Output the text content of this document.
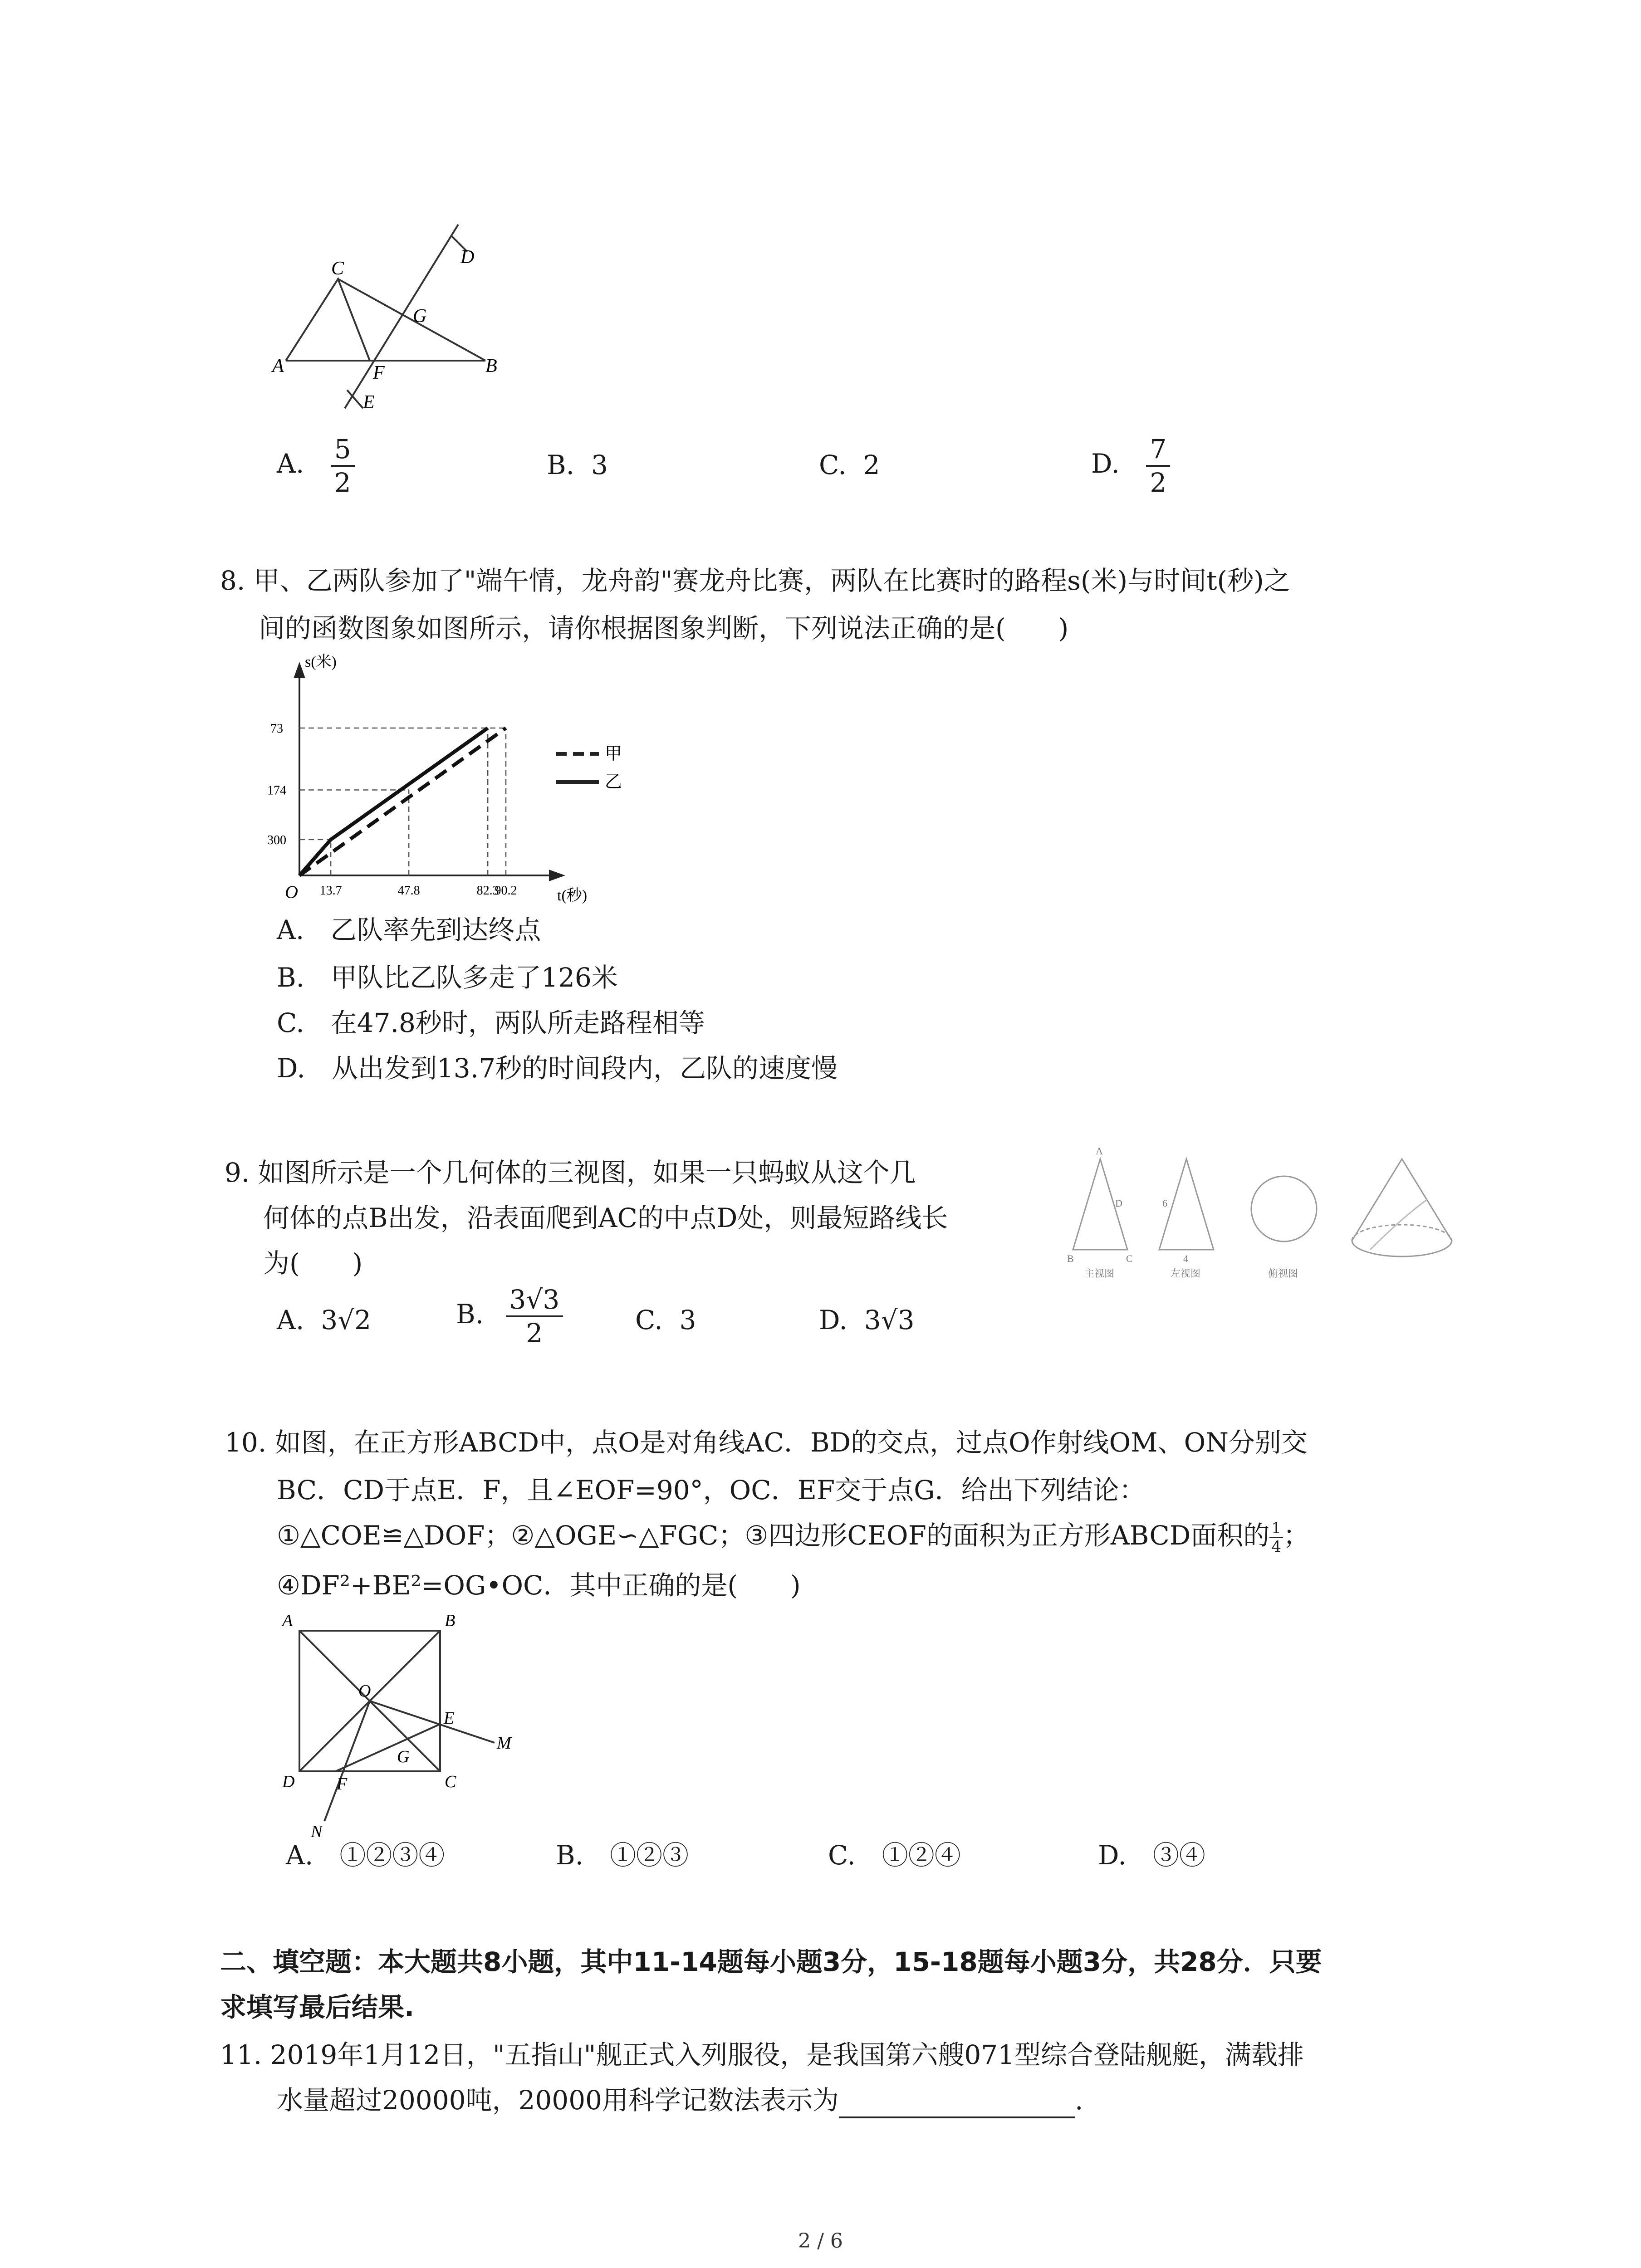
A
C
D
G
F	B
E
A. $\frac{5}{2}$	B. 3	C. 2	D. $\frac{7}{2}$
8. 甲、乙两队参加了"端午情，龙舟韵"赛龙舟比赛，两队在比赛时的路程s(米)与时间t(秒)之
间的函数图象如图所示，请你根据图象判断，下列说法正确的是(　　)
300
174
73
13.7	47.8	82.3
90.2
s(米)
t(秒)
O
甲
乙
A.　乙队率先到达终点
B.　甲队比乙队多走了126米
C.　在47.8秒时，两队所走路程相等
D.　从出发到13.7秒的时间段内，乙队的速度慢
9. 如图所示是一个几何体的三视图，如果一只蚂蚁从这个几
何体的点B出发，沿表面爬到AC的中点D处，则最短路线长
为(　　)
A
D
B	C
6
4
主视图	左视图	俯视图
A. 3√2	B. $\frac{3√3}{2}$	C. 3	D. 3√3
10. 如图，在正方形ABCD中，点O是对角线AC．BD的交点，过点O作射线OM、ON分别交
BC．CD于点E．F，且∠EOF=90°，OC．EF交于点G．给出下列结论：
①△COE≌△DOF；②△OGE∽△FGC；③四边形CEOF的面积为正方形ABCD面积的 $\frac{1}{4}$ ；
④DF²+BE²=OG•OC．其中正确的是(　　)
A	B
C
D
O
E
F
G
M
N
A.　①②③④	B.　①②③	C.　①②④	D.　③④
二、填空题：本大题共8小题，其中11-14题每小题3分，15-18题每小题3分，共28分．只要
求填写最后结果.
11. 2019年1月12日，"五指山"舰正式入列服役，是我国第六艘071型综合登陆舰艇，满载排
水量超过20000吨，20000用科学记数法表示为	.
2 / 6
